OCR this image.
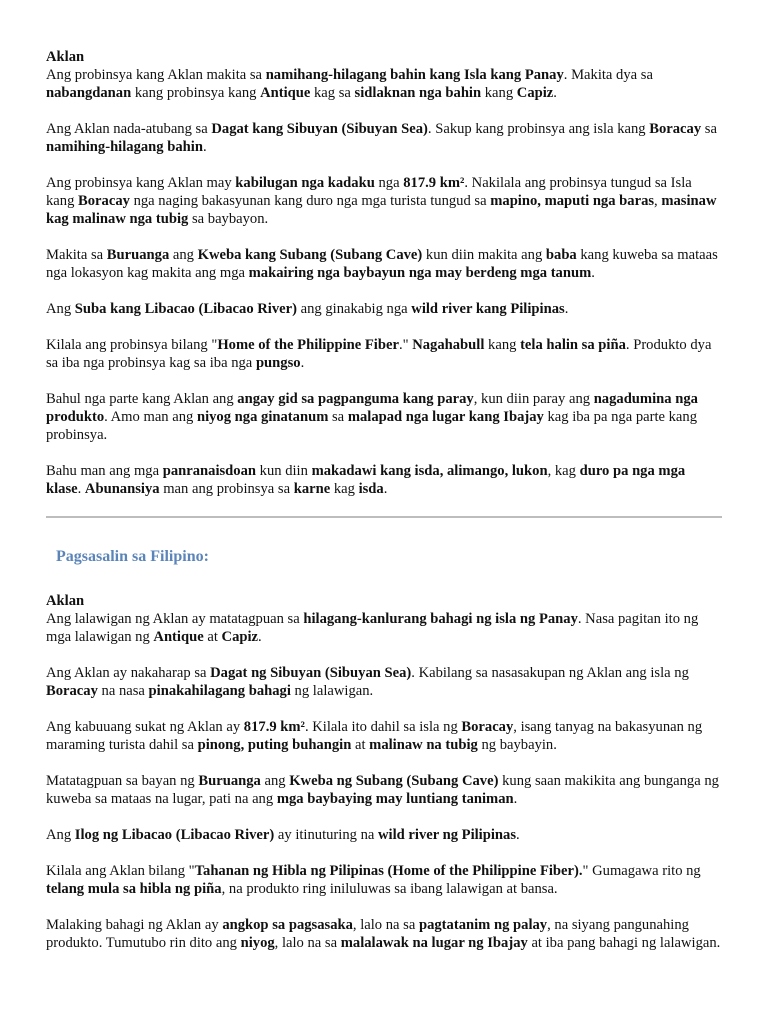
Aklan

Ang probinsya kang Aklan makita sa namihang-hilagang bahin kang Isla kang Panay. Makita dya sa nabangdanan kang probinsya kang Antique kag sa sidlaknan nga bahin kang Capiz.

Ang Aklan nada-atubang sa Dagat kang Sibuyan (Sibuyan Sea). Sakup kang probinsya ang isla kang Boracay sa namihing-hilagang bahin.

Ang probinsya kang Aklan may kabilugan nga kadaku nga 817.9 km². Nakilala ang probinsya tungud sa Isla kang Boracay nga naging bakasyunan kang duro nga mga turista tungud sa mapino, maputi nga baras, masinaw kag malinaw nga tubig sa baybayon.

Makita sa Buruanga ang Kweba kang Subang (Subang Cave) kun diin makita ang baba kang kuweba sa mataas nga lokasyon kag makita ang mga makairing nga baybayun nga may berdeng mga tanum.

Ang Suba kang Libacao (Libacao River) ang ginakabig nga wild river kang Pilipinas.

Kilala ang probinsya bilang "Home of the Philippine Fiber." Nagahabull kang tela halin sa piña. Produkto dya sa iba nga probinsya kag sa iba nga pungso.

Bahul nga parte kang Aklan ang angay gid sa pagpanguma kang paray, kun diin paray ang nagadumina nga produkto. Amo man ang niyog nga ginatanum sa malapad nga lugar kang Ibajay kag iba pa nga parte kang probinsya.

Bahu man ang mga panranaisdoan kun diin makadawi kang isda, alimango, lukon, kag duro pa nga mga klase. Abunansiya man ang probinsya sa karne kag isda.

Pagsasalin sa Filipino:
Aklan

Ang lalawigan ng Aklan ay matatagpuan sa hilagang-kanlurang bahagi ng isla ng Panay. Nasa pagitan ito ng mga lalawigan ng Antique at Capiz.

Ang Aklan ay nakaharap sa Dagat ng Sibuyan (Sibuyan Sea). Kabilang sa nasasakupan ng Aklan ang isla ng Boracay na nasa pinakahilagang bahagi ng lalawigan.

Ang kabuuang sukat ng Aklan ay 817.9 km². Kilala ito dahil sa isla ng Boracay, isang tanyag na bakasyunan ng maraming turista dahil sa pinong, puting buhangin at malinaw na tubig ng baybayin.

Matatagpuan sa bayan ng Buruanga ang Kweba ng Subang (Subang Cave) kung saan makikita ang bunganga ng kuweba sa mataas na lugar, pati na ang mga baybaying may luntiang taniman.

Ang Ilog ng Libacao (Libacao River) ay itinuturing na wild river ng Pilipinas.

Kilala ang Aklan bilang "Tahanan ng Hibla ng Pilipinas (Home of the Philippine Fiber)." Gumagawa rito ng telang mula sa hibla ng piña, na produkto ring iniluluwas sa ibang lalawigan at bansa.

Malaking bahagi ng Aklan ay angkop sa pagsasaka, lalo na sa pagtatanim ng palay, na siyang pangunahing produkto. Tumutubo rin dito ang niyog, lalo na sa malalawak na lugar ng Ibajay at iba pang bahagi ng lalawigan.
